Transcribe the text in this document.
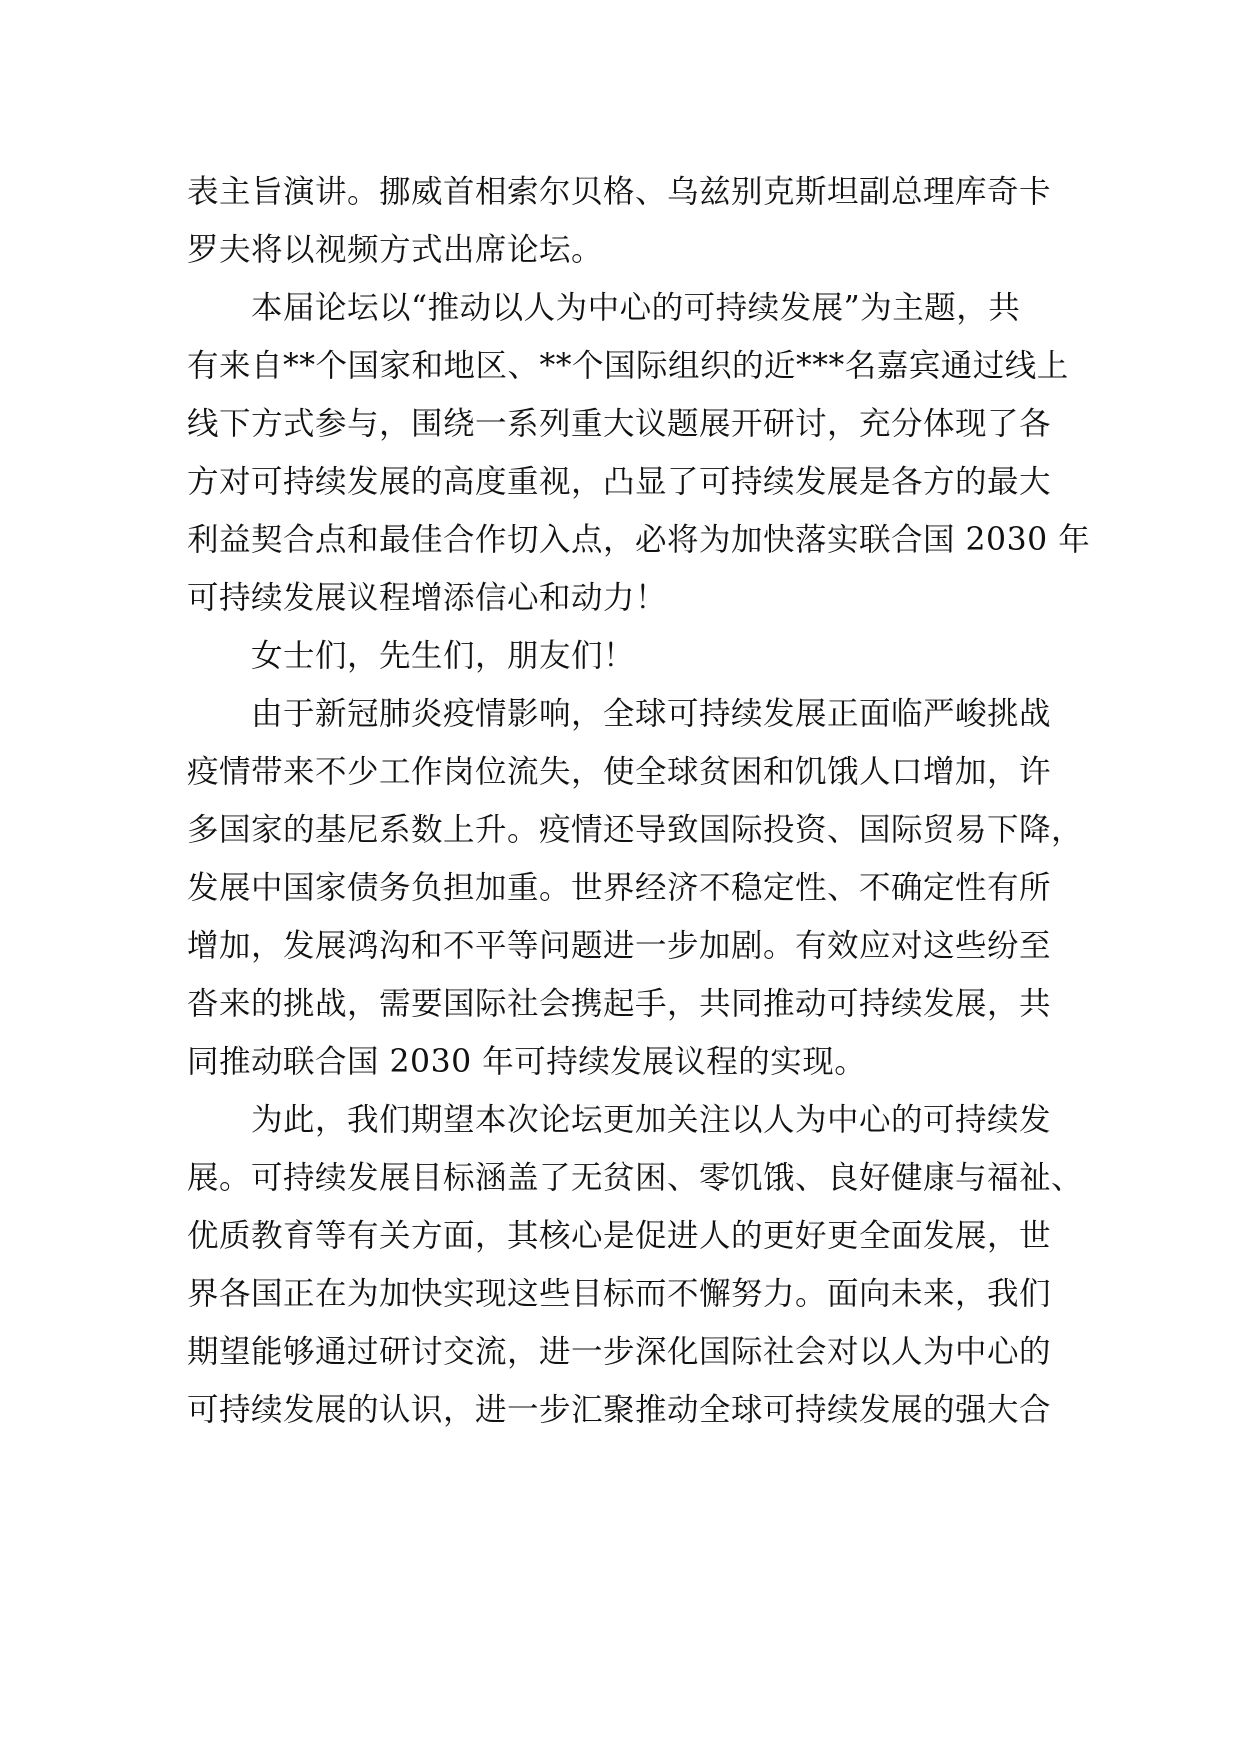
表主旨演讲。挪威首相索尔贝格、乌兹别克斯坦副总理库奇卡
罗夫将以视频方式出席论坛。
本届论坛以“推动以人为中心的可持续发展”为主题，共
有来自**个国家和地区、**个国际组织的近***名嘉宾通过线上
线下方式参与，围绕一系列重大议题展开研讨，充分体现了各
方对可持续发展的高度重视，凸显了可持续发展是各方的最大
利益契合点和最佳合作切入点，必将为加快落实联合国 2030 年
可持续发展议程增添信心和动力！
女士们，先生们，朋友们！
由于新冠肺炎疫情影响，全球可持续发展正面临严峻挑战
疫情带来不少工作岗位流失，使全球贫困和饥饿人口增加，许
多国家的基尼系数上升。疫情还导致国际投资、国际贸易下降，
发展中国家债务负担加重。世界经济不稳定性、不确定性有所
增加，发展鸿沟和不平等问题进一步加剧。有效应对这些纷至
沓来的挑战，需要国际社会携起手，共同推动可持续发展，共
同推动联合国 2030 年可持续发展议程的实现。
为此，我们期望本次论坛更加关注以人为中心的可持续发
展。可持续发展目标涵盖了无贫困、零饥饿、良好健康与福祉、
优质教育等有关方面，其核心是促进人的更好更全面发展，世
界各国正在为加快实现这些目标而不懈努力。面向未来，我们
期望能够通过研讨交流，进一步深化国际社会对以人为中心的
可持续发展的认识，进一步汇聚推动全球可持续发展的强大合
